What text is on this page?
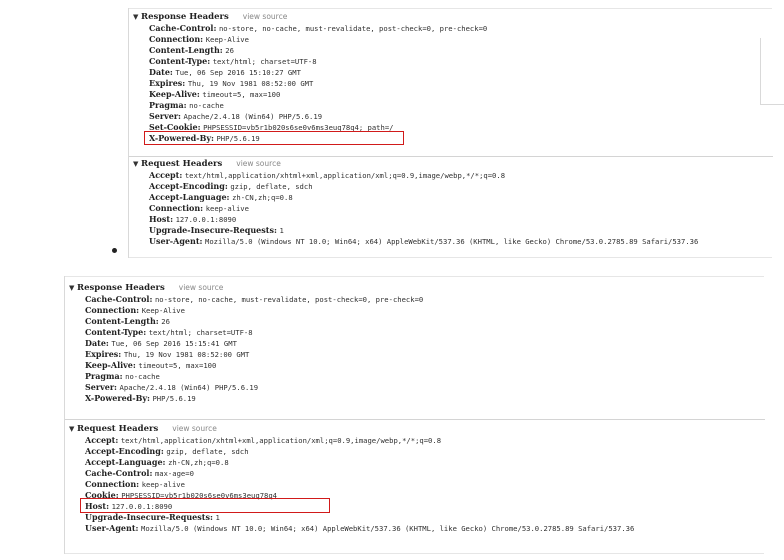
▼ Response Headers view source
Cache-Control: no-store, no-cache, must-revalidate, post-check=0, pre-check=0
Connection: Keep-Alive
Content-Length: 26
Content-Type: text/html; charset=UTF-8
Date: Tue, 06 Sep 2016 15:10:27 GMT
Expires: Thu, 19 Nov 1981 08:52:00 GMT
Keep-Alive: timeout=5, max=100
Pragma: no-cache
Server: Apache/2.4.18 (Win64) PHP/5.6.19
Set-Cookie: PHPSESSID=vb5r1b020s6se0v6ms3euq78q4; path=/
X-Powered-By: PHP/5.6.19
▼ Request Headers view source
Accept: text/html,application/xhtml+xml,application/xml;q=0.9,image/webp,*/*;q=0.8
Accept-Encoding: gzip, deflate, sdch
Accept-Language: zh-CN,zh;q=0.8
Connection: keep-alive
Host: 127.0.0.1:8090
Upgrade-Insecure-Requests: 1
User-Agent: Mozilla/5.0 (Windows NT 10.0; Win64; x64) AppleWebKit/537.36 (KHTML, like Gecko) Chrome/53.0.2785.89 Safari/537.36
▼ Response Headers view source
Cache-Control: no-store, no-cache, must-revalidate, post-check=0, pre-check=0
Connection: Keep-Alive
Content-Length: 26
Content-Type: text/html; charset=UTF-8
Date: Tue, 06 Sep 2016 15:15:41 GMT
Expires: Thu, 19 Nov 1981 08:52:00 GMT
Keep-Alive: timeout=5, max=100
Pragma: no-cache
Server: Apache/2.4.18 (Win64) PHP/5.6.19
X-Powered-By: PHP/5.6.19
▼ Request Headers view source
Accept: text/html,application/xhtml+xml,application/xml;q=0.9,image/webp,*/*;q=0.8
Accept-Encoding: gzip, deflate, sdch
Accept-Language: zh-CN,zh;q=0.8
Cache-Control: max-age=0
Connection: keep-alive
Cookie: PHPSESSID=vb5r1b020s6se0v6ms3euq78q4
Host: 127.0.0.1:8090
Upgrade-Insecure-Requests: 1
User-Agent: Mozilla/5.0 (Windows NT 10.0; Win64; x64) AppleWebKit/537.36 (KHTML, like Gecko) Chrome/53.0.2785.89 Safari/537.36
